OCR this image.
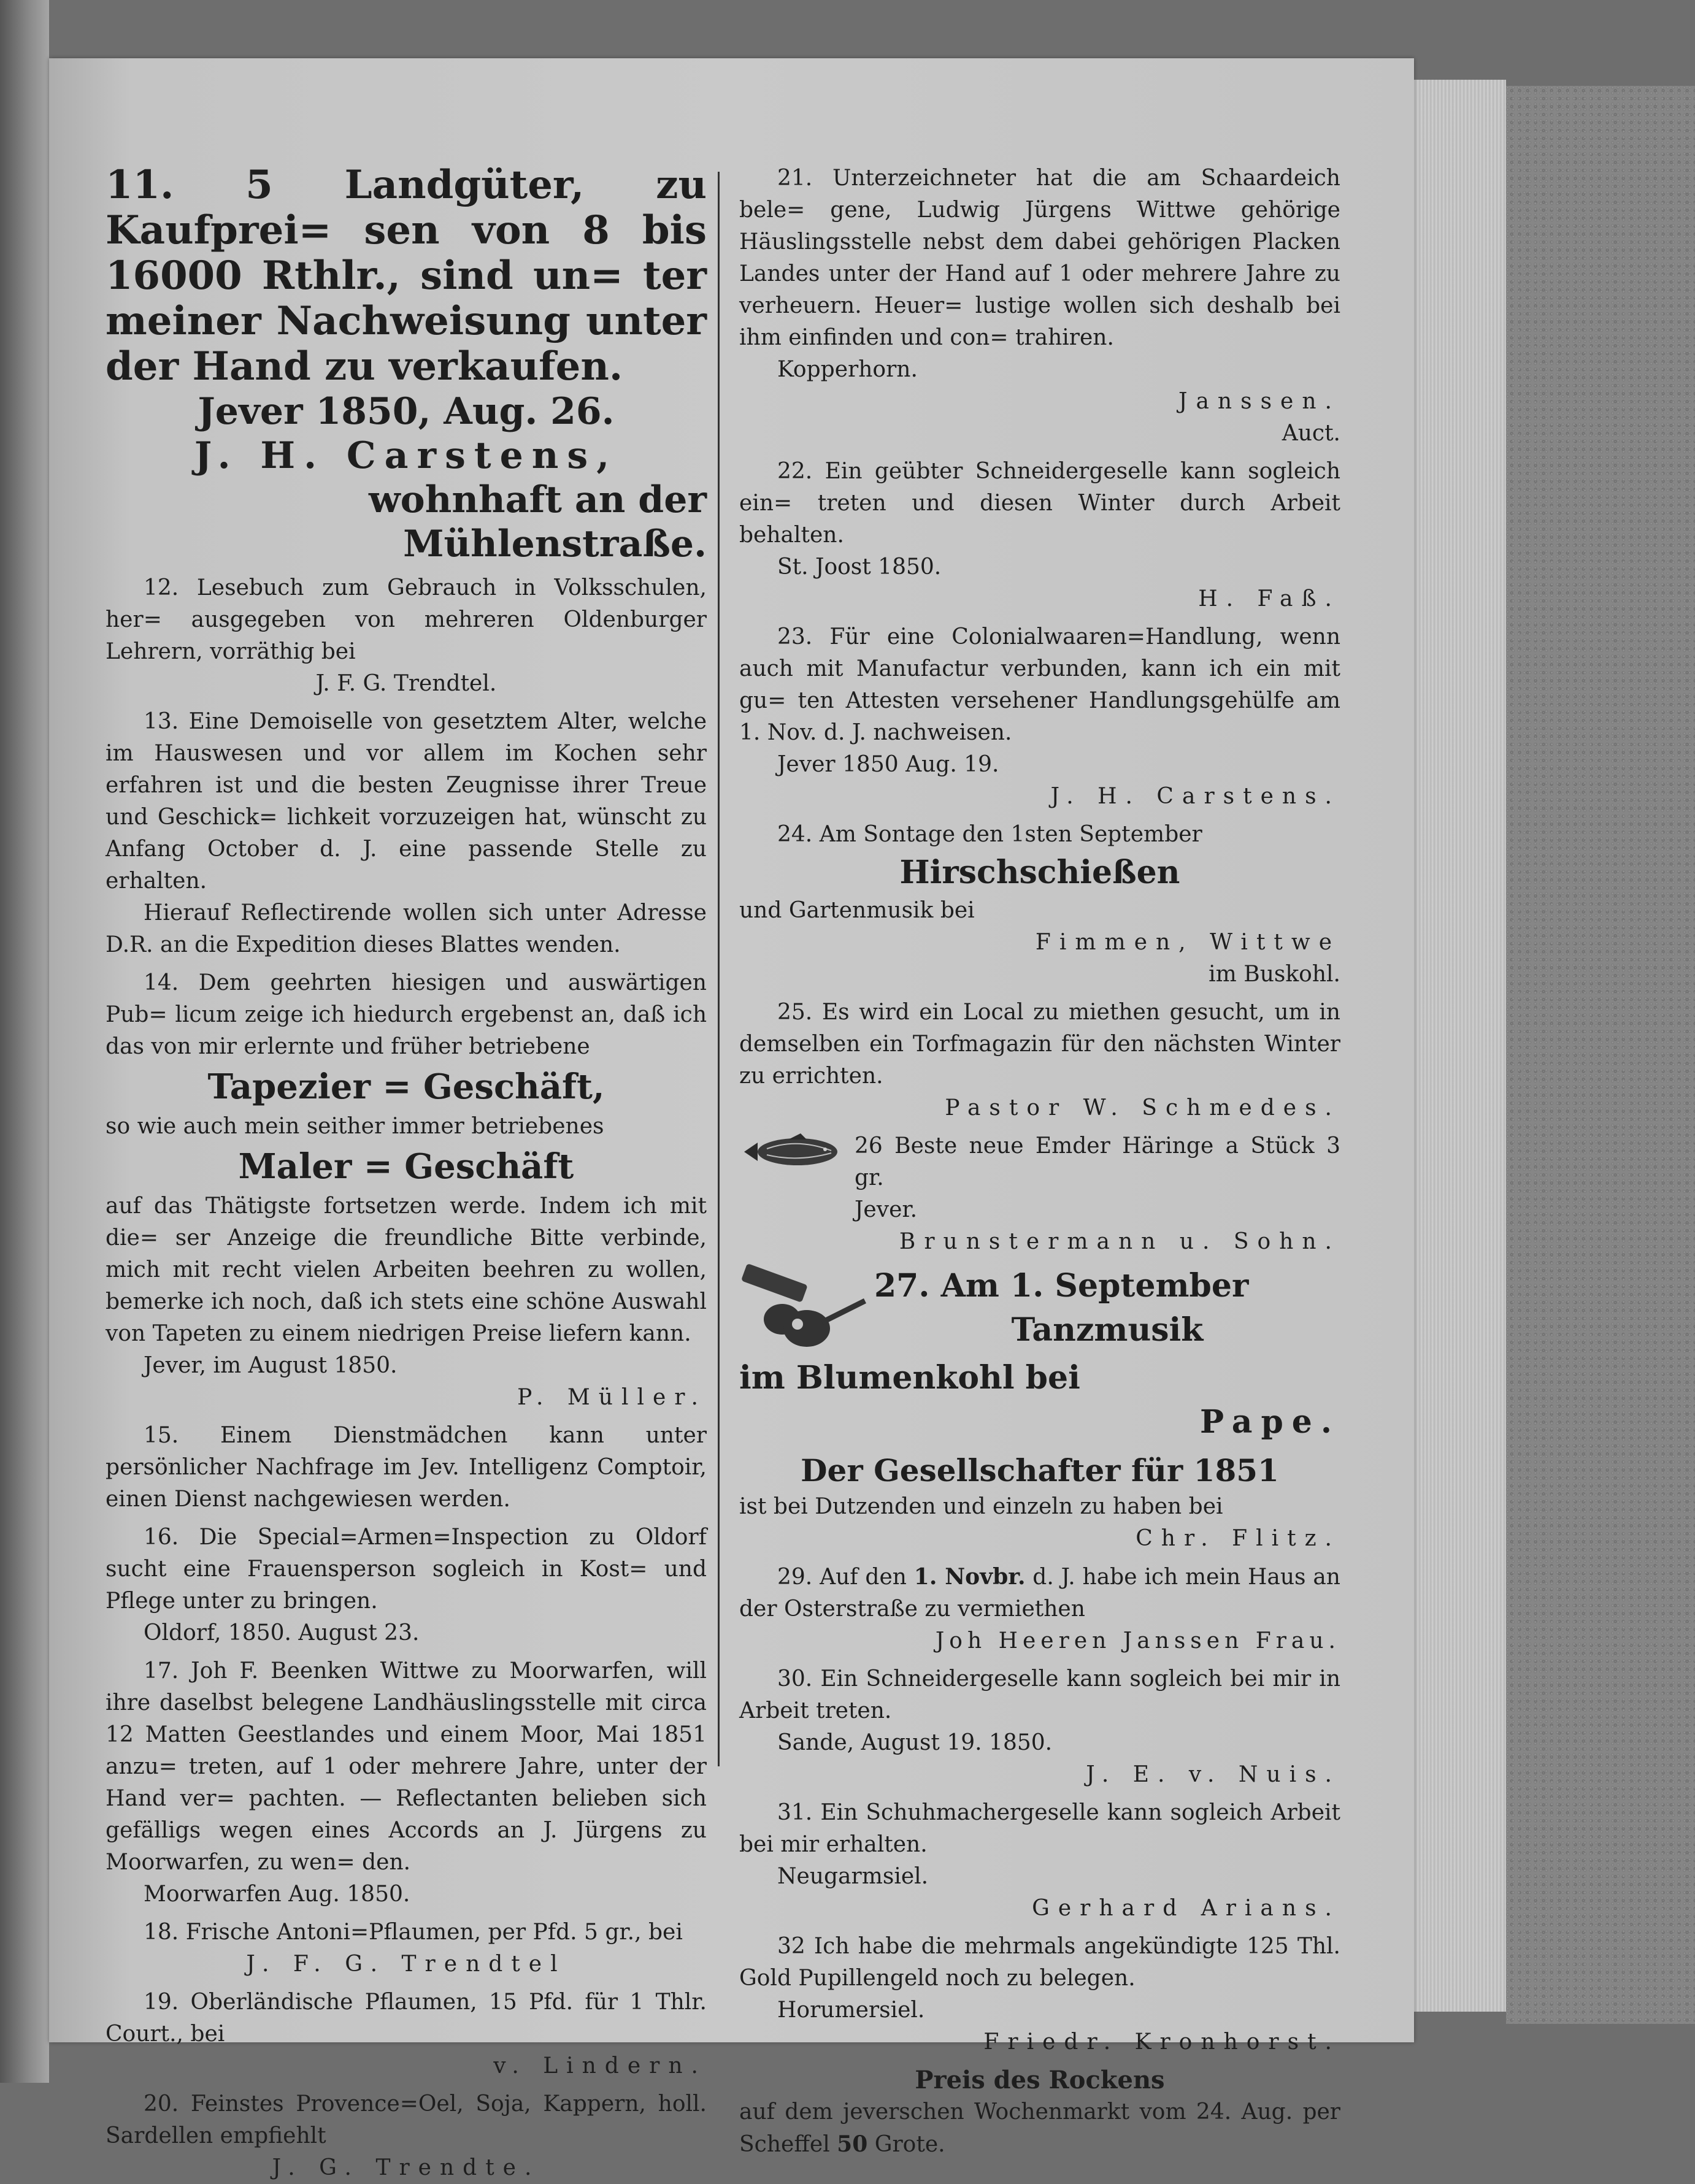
11. 5 Landgüter, zu Kaufprei= sen von 8 bis 16000 Rthlr., sind un= ter meiner Nachweisung unter der Hand zu verkaufen.

Jever 1850, Aug. 26.

J. H. Carstens,

wohnhaft an der Mühlenstraße.

12. Lesebuch zum Gebrauch in Volksschulen, her= ausgegeben von mehreren Oldenburger Lehrern, vorräthig bei

J. F. G. Trendtel.

13. Eine Demoiselle von gesetztem Alter, welche im Hauswesen und vor allem im Kochen sehr erfahren ist und die besten Zeugnisse ihrer Treue und Geschick= lichkeit vorzuzeigen hat, wünscht zu Anfang October d. J. eine passende Stelle zu erhalten.

Hierauf Reflectirende wollen sich unter Adresse D.R. an die Expedition dieses Blattes wenden.

14. Dem geehrten hiesigen und auswärtigen Pub= licum zeige ich hiedurch ergebenst an, daß ich das von mir erlernte und früher betriebene

Tapezier = Geschäft,

so wie auch mein seither immer betriebenes

Maler = Geschäft

auf das Thätigste fortsetzen werde. Indem ich mit die= ser Anzeige die freundliche Bitte verbinde, mich mit recht vielen Arbeiten beehren zu wollen, bemerke ich noch, daß ich stets eine schöne Auswahl von Tapeten zu einem niedrigen Preise liefern kann.

Jever, im August 1850.

P. Müller.

15. Einem Dienstmädchen kann unter persönlicher Nachfrage im Jev. Intelligenz Comptoir, einen Dienst nachgewiesen werden.

16. Die Special=Armen=Inspection zu Oldorf sucht eine Frauensperson sogleich in Kost= und Pflege unter zu bringen.

Oldorf, 1850. August 23.

17. Joh F. Beenken Wittwe zu Moorwarfen, will ihre daselbst belegene Landhäuslingsstelle mit circa 12 Matten Geestlandes und einem Moor, Mai 1851 anzu= treten, auf 1 oder mehrere Jahre, unter der Hand ver= pachten. — Reflectanten belieben sich gefälligs wegen eines Accords an J. Jürgens zu Moorwarfen, zu wen= den.

Moorwarfen Aug. 1850.

18. Frische Antoni=Pflaumen, per Pfd. 5 gr., bei

J. F. G. Trendtel

19. Oberländische Pflaumen, 15 Pfd. für 1 Thlr. Court., bei

v. Lindern.

20. Feinstes Provence=Oel, Soja, Kappern, holl. Sardellen empfiehlt

J. G. Trendte.

21. Unterzeichneter hat die am Schaardeich bele= gene, Ludwig Jürgens Wittwe gehörige Häuslingsstelle nebst dem dabei gehörigen Placken Landes unter der Hand auf 1 oder mehrere Jahre zu verheuern. Heuer= lustige wollen sich deshalb bei ihm einfinden und con= trahiren.

Kopperhorn.

Janssen.

Auct.

22. Ein geübter Schneidergeselle kann sogleich ein= treten und diesen Winter durch Arbeit behalten.

St. Joost 1850.

H. Faß.

23. Für eine Colonialwaaren=Handlung, wenn auch mit Manufactur verbunden, kann ich ein mit gu= ten Attesten versehener Handlungsgehülfe am 1. Nov. d. J. nachweisen.

Jever 1850 Aug. 19.

J. H. Carstens.

24. Am Sontage den 1sten September

Hirschschießen

und Gartenmusik bei

Fimmen, Wittwe

im Buskohl.

25. Es wird ein Local zu miethen gesucht, um in demselben ein Torfmagazin für den nächsten Winter zu errichten.

Pastor W. Schmedes.

26 Beste neue Emder Häringe a Stück 3 gr.

Jever.

Brunstermann u. Sohn.

27. Am 1. September

Tanzmusik

im Blumenkohl bei

Pape.

Der Gesellschafter für 1851

ist bei Dutzenden und einzeln zu haben bei

Chr. Flitz.

29. Auf den 1. Novbr. d. J. habe ich mein Haus an der Osterstraße zu vermiethen

Joh Heeren Janssen Frau.

30. Ein Schneidergeselle kann sogleich bei mir in Arbeit treten.

Sande, August 19. 1850.

J. E. v. Nuis.

31. Ein Schuhmachergeselle kann sogleich Arbeit bei mir erhalten.

Neugarmsiel.

Gerhard Arians.

32 Ich habe die mehrmals angekündigte 125 Thl. Gold Pupillengeld noch zu belegen.

Horumersiel.

Friedr. Kronhorst.

Preis des Rockens

auf dem jeverschen Wochenmarkt vom 24. Aug. per Scheffel 50 Grote.
